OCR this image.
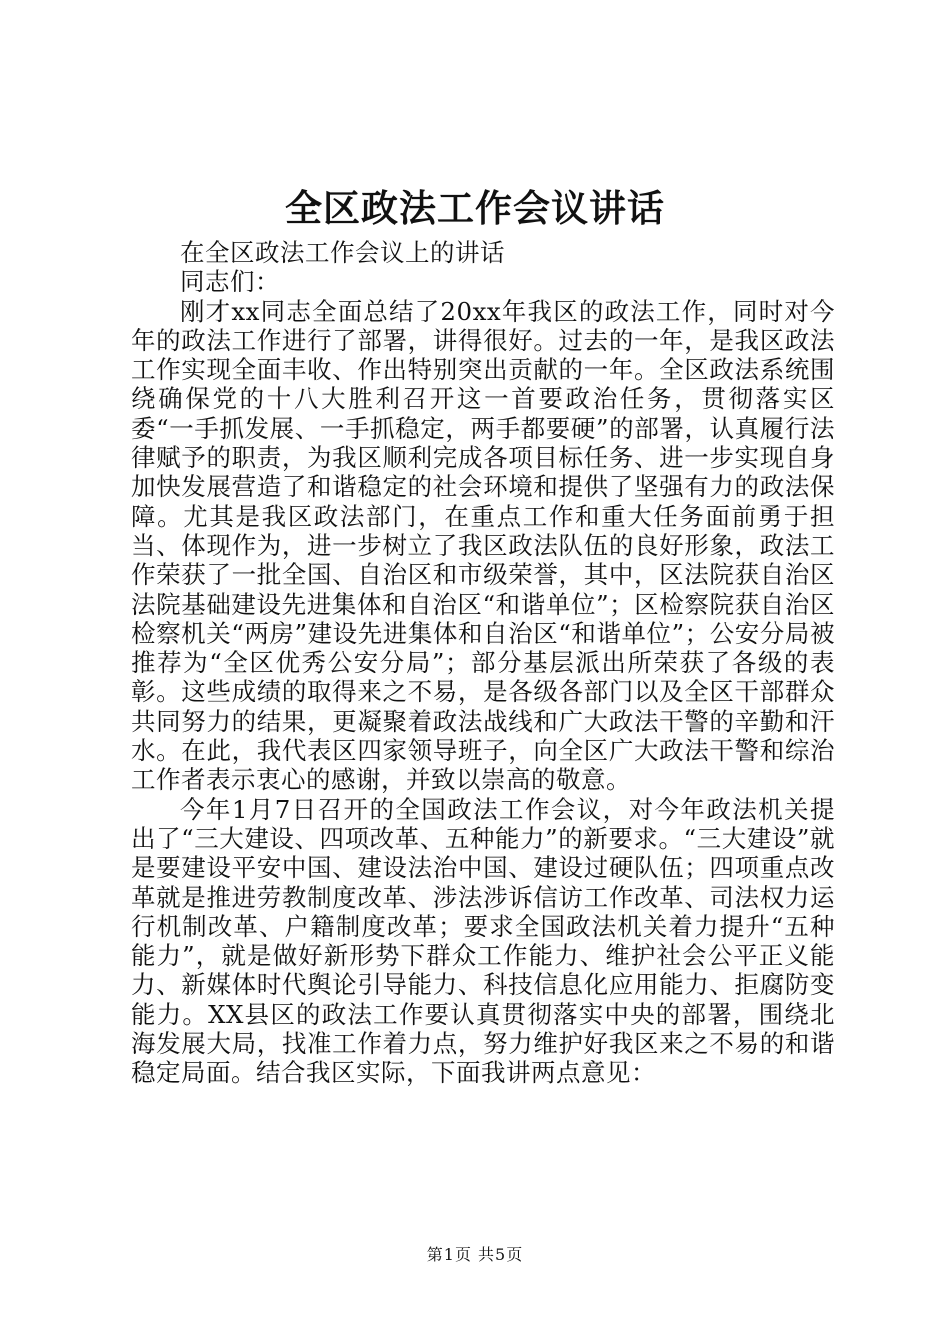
全区政法工作会议讲话

在全区政法工作会议上的讲话

同志们：

刚才xx同志全面总结了20xx年我区的政法工作，同时对今年的政法工作进行了部署，讲得很好。过去的一年，是我区政法工作实现全面丰收、作出特别突出贡献的一年。全区政法系统围绕确保党的十八大胜利召开这一首要政治任务，贯彻落实区委“一手抓发展、一手抓稳定，两手都要硬”的部署，认真履行法律赋予的职责，为我区顺利完成各项目标任务、进一步实现自身加快发展营造了和谐稳定的社会环境和提供了坚强有力的政法保障。尤其是我区政法部门，在重点工作和重大任务面前勇于担当、体现作为，进一步树立了我区政法队伍的良好形象，政法工作荣获了一批全国、自治区和市级荣誉，其中，区法院获自治区法院基础建设先进集体和自治区“和谐单位”；区检察院获自治区检察机关“两房”建设先进集体和自治区“和谐单位”；公安分局被推荐为“全区优秀公安分局”；部分基层派出所荣获了各级的表彰。这些成绩的取得来之不易，是各级各部门以及全区干部群众共同努力的结果，更凝聚着政法战线和广大政法干警的辛勤和汗水。在此，我代表区四家领导班子，向全区广大政法干警和综治工作者表示衷心的感谢，并致以崇高的敬意。

今年1月7日召开的全国政法工作会议，对今年政法机关提出了“三大建设、四项改革、五种能力”的新要求。“三大建设”就是要建设平安中国、建设法治中国、建设过硬队伍；四项重点改革就是推进劳教制度改革、涉法涉诉信访工作改革、司法权力运行机制改革、户籍制度改革；要求全国政法机关着力提升“五种能力”，就是做好新形势下群众工作能力、维护社会公平正义能力、新媒体时代舆论引导能力、科技信息化应用能力、拒腐防变能力。XX县区的政法工作要认真贯彻落实中央的部署，围绕北海发展大局，找准工作着力点，努力维护好我区来之不易的和谐稳定局面。结合我区实际，下面我讲两点意见：

第1页 共5页
